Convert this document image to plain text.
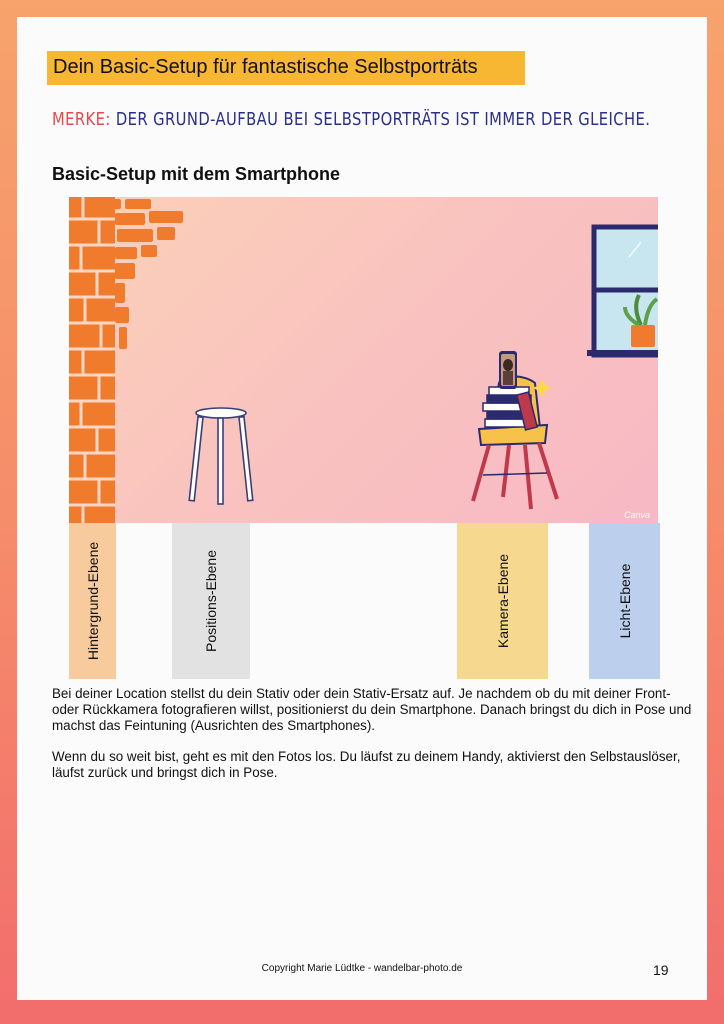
Dein Basic-Setup für fantastische Selbstporträts
MERKE: DER GRUND-AUFBAU BEI SELBSTPORTRÄTS IST IMMER DER GLEICHE.
Basic-Setup mit dem Smartphone
Canva
Hintergrund-Ebene	Positions-Ebene	Kamera-Ebene	Licht-Ebene
Bei deiner Location stellst du dein Stativ oder dein Stativ-Ersatz auf. Je nachdem ob du mit deiner Front- oder Rückkamera fotografieren willst, positionierst du dein Smartphone. Danach bringst du dich in Pose und machst das Feintuning (Ausrichten des Smartphones).
Wenn du so weit bist, geht es mit den Fotos los. Du läufst zu deinem Handy, aktivierst den Selbstauslöser, läufst zurück und bringst dich in Pose.
Copyright Marie Lüdtke - wandelbar-photo.de	19
